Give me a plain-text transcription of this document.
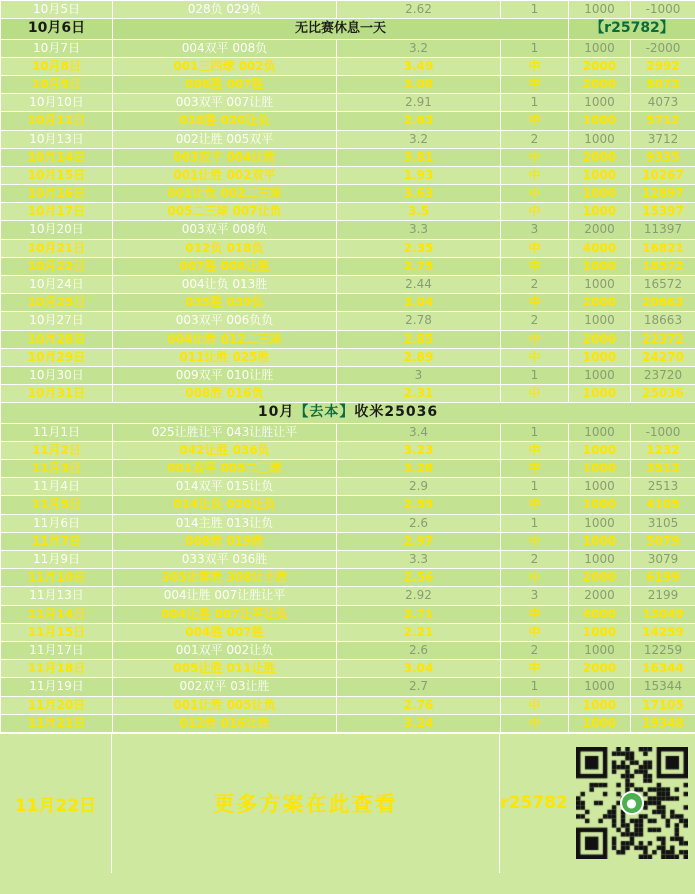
10月5日	028负 029负	2.62	1	1000	-1000
10月6日	无比赛休息一天			【r25782】	
10月7日	004双平 008负	3.2	1	1000	-2000
10月8日	001三四球 002负	3.49	中	2000	2992
10月9日	006胜 007胜	3.08	中	2000	5073
10月10日	003双平 007让胜	2.91	1	1000	4073
10月11日	018胜 020让负	2.63	中	1000	5712
10月13日	002让胜 005双平	3.2	2	1000	3712
10月14日	003双平 004让胜	3.81	中	2000	9335
10月15日	001让胜 002双平	1.93	中	1000	10267
10月16日	001让负 002二三球	3.63	中	1000	12897
10月17日	005二三球 007让负	3.5	中	1000	15397
10月20日	003双平 008负	3.3	3	2000	11397
10月21日	012负 018负	2.35	中	4000	16821
10月22日	007胜 008让胜	2.75	中	1000	18572
10月24日	004让负 013胜	2.44	2	1000	16572
10月25日	035胜 039负	3.04	中	2000	20663
10月27日	003双平 006负负	2.78	2	1000	18663
10月28日	004让胜 012二三球	2.85	中	2000	22372
10月29日	011让胜 025胜	2.89	中	1000	24270
10月30日	009双平 010让胜	3	1	1000	23720
10月31日	008胜 016负	2.31	中	1000	25036
10月【去本】收米25036					
11月1日	025让胜让平 043让胜让平	3.4	1	1000	-1000
11月2日	042让胜 036负	3.23	中	1000	1232
11月3日	001双平 005二三球	3.28	中	1000	3513
11月4日	014双平 015让负	2.9	1	1000	2513
11月5日	014让负 020让负	2.59	中	1000	4105
11月6日	014主胜 013让负	2.6	1	1000	3105
11月7日	008胜 019胜	2.97	中	1000	5079
11月9日	033双平 036胜	3.3	2	1000	3079
11月10日	305让客胜 308让主胜	2.56	中	2000	6199
11月13日	004让胜 007让胜让平	2.92	3	2000	2199
11月14日	004让胜 007让平让负	3.71	中	4000	13049
11月15日	004胜 007胜	2.21	中	1000	14259
11月17日	001双平 002让负	2.6	2	1000	12259
11月18日	005让胜 011让胜	3.04	中	2000	16344
11月19日	002双平 03让胜	2.7	1	1000	15344
11月20日	001让胜 005让负	2.76	中	1000	17105
11月21日	012胜 016让胜	3.24	中	1000	19348
11月22日	更多方案在此查看	r25782	●
